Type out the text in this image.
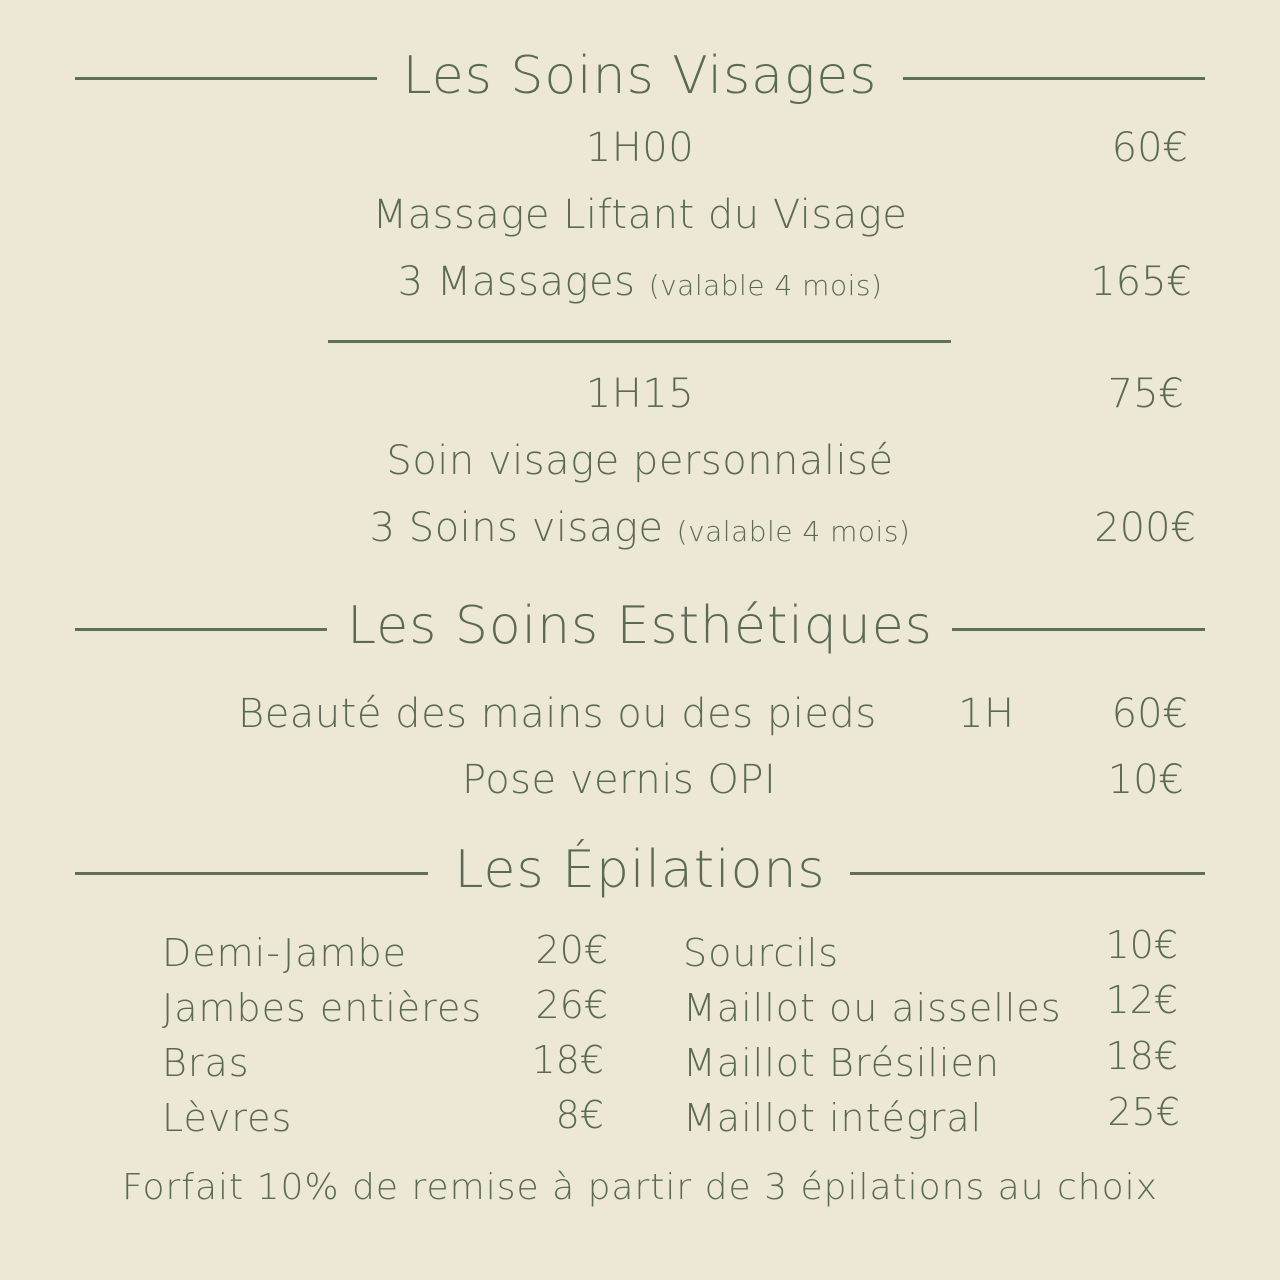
Les Soins Visages
1H00	60€
Massage Liftant du Visage
3 Massages (valable 4 mois)	165€
1H15	75€
Soin visage personnalisé
3 Soins visage (valable 4 mois)	200€
Les Soins Esthétiques
Beauté des mains ou des pieds 1H	60€
Pose vernis OPI	10€
Les Épilations
Demi-Jambe	20€
Jambes entières	26€
Bras	18€
Lèvres	8€
Sourcils	10€
Maillot ou aisselles	12€
Maillot Brésilien	18€
Maillot intégral	25€
Forfait 10% de remise à partir de 3 épilations au choix
